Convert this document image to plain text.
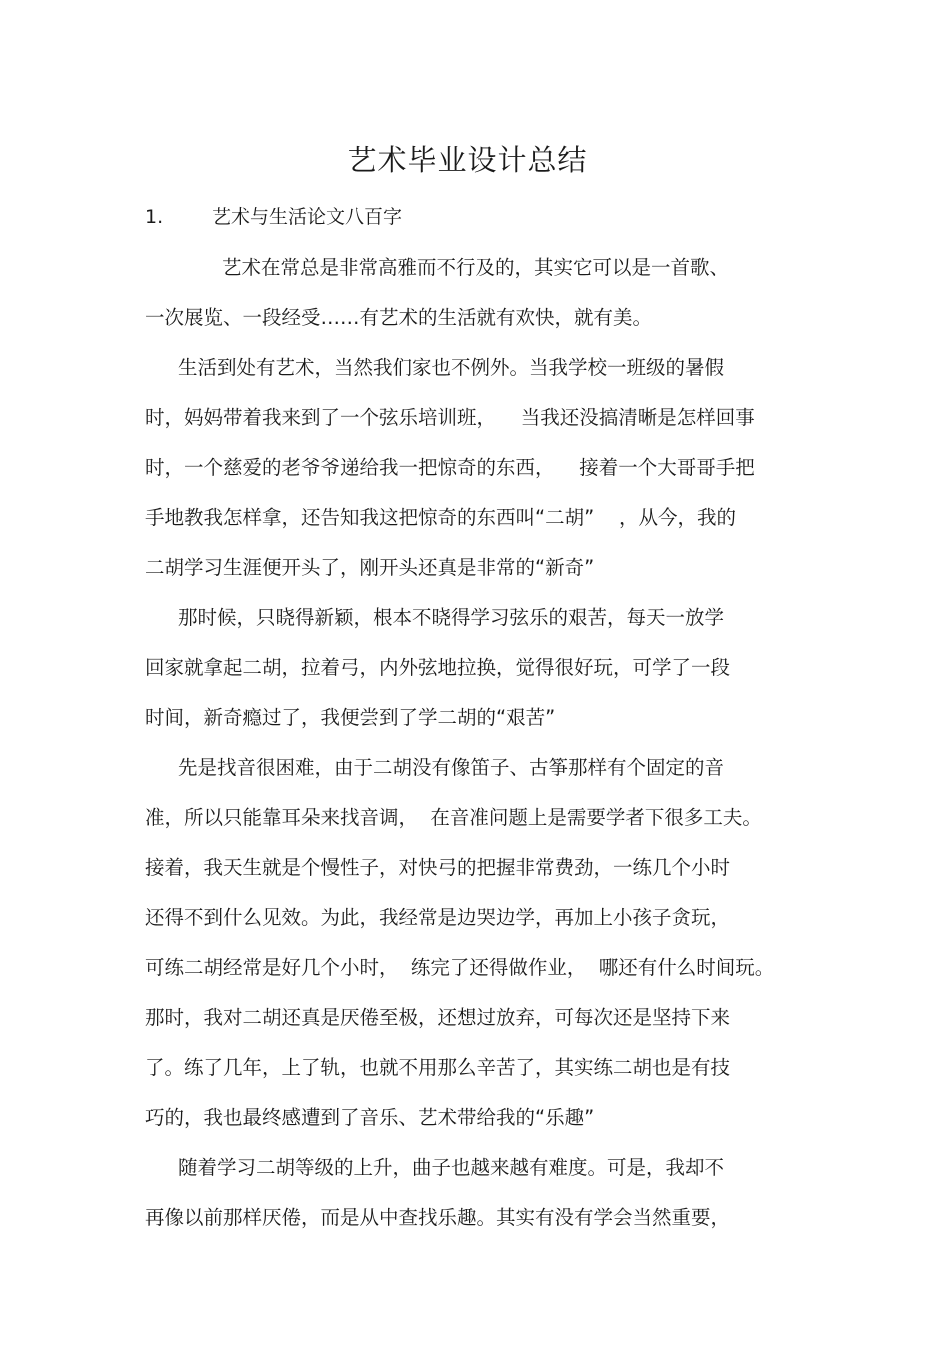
艺术毕业设计总结
1.	艺术与生活论文八百字
艺术在常总是非常高雅而不行及的，其实它可以是一首歌、
一次展览、一段经受……有艺术的生活就有欢快，就有美。
生活到处有艺术，当然我们家也不例外。当我学校一班级的暑假
时，妈妈带着我来到了一个弦乐培训班，    当我还没搞清晰是怎样回事
时，一个慈爱的老爷爷递给我一把惊奇的东西，    接着一个大哥哥手把
手地教我怎样拿，还告知我这把惊奇的东西叫“二胡”    ，从今，我的
二胡学习生涯便开头了，刚开头还真是非常的“新奇”
那时候，只晓得新颖，根本不晓得学习弦乐的艰苦，每天一放学
回家就拿起二胡，拉着弓，内外弦地拉换，觉得很好玩，可学了一段
时间，新奇瘾过了，我便尝到了学二胡的“艰苦”
先是找音很困难，由于二胡没有像笛子、古筝那样有个固定的音
准，所以只能靠耳朵来找音调，  在音准问题上是需要学者下很多工夫。
接着，我天生就是个慢性子，对快弓的把握非常费劲，一练几个小时
还得不到什么见效。为此，我经常是边哭边学，再加上小孩子贪玩，
可练二胡经常是好几个小时，  练完了还得做作业，  哪还有什么时间玩。
那时，我对二胡还真是厌倦至极，还想过放弃，可每次还是坚持下来
了。练了几年，上了轨，也就不用那么辛苦了，其实练二胡也是有技
巧的，我也最终感遭到了音乐、艺术带给我的“乐趣”
随着学习二胡等级的上升，曲子也越来越有难度。可是，我却不
再像以前那样厌倦，而是从中查找乐趣。其实有没有学会当然重要，
